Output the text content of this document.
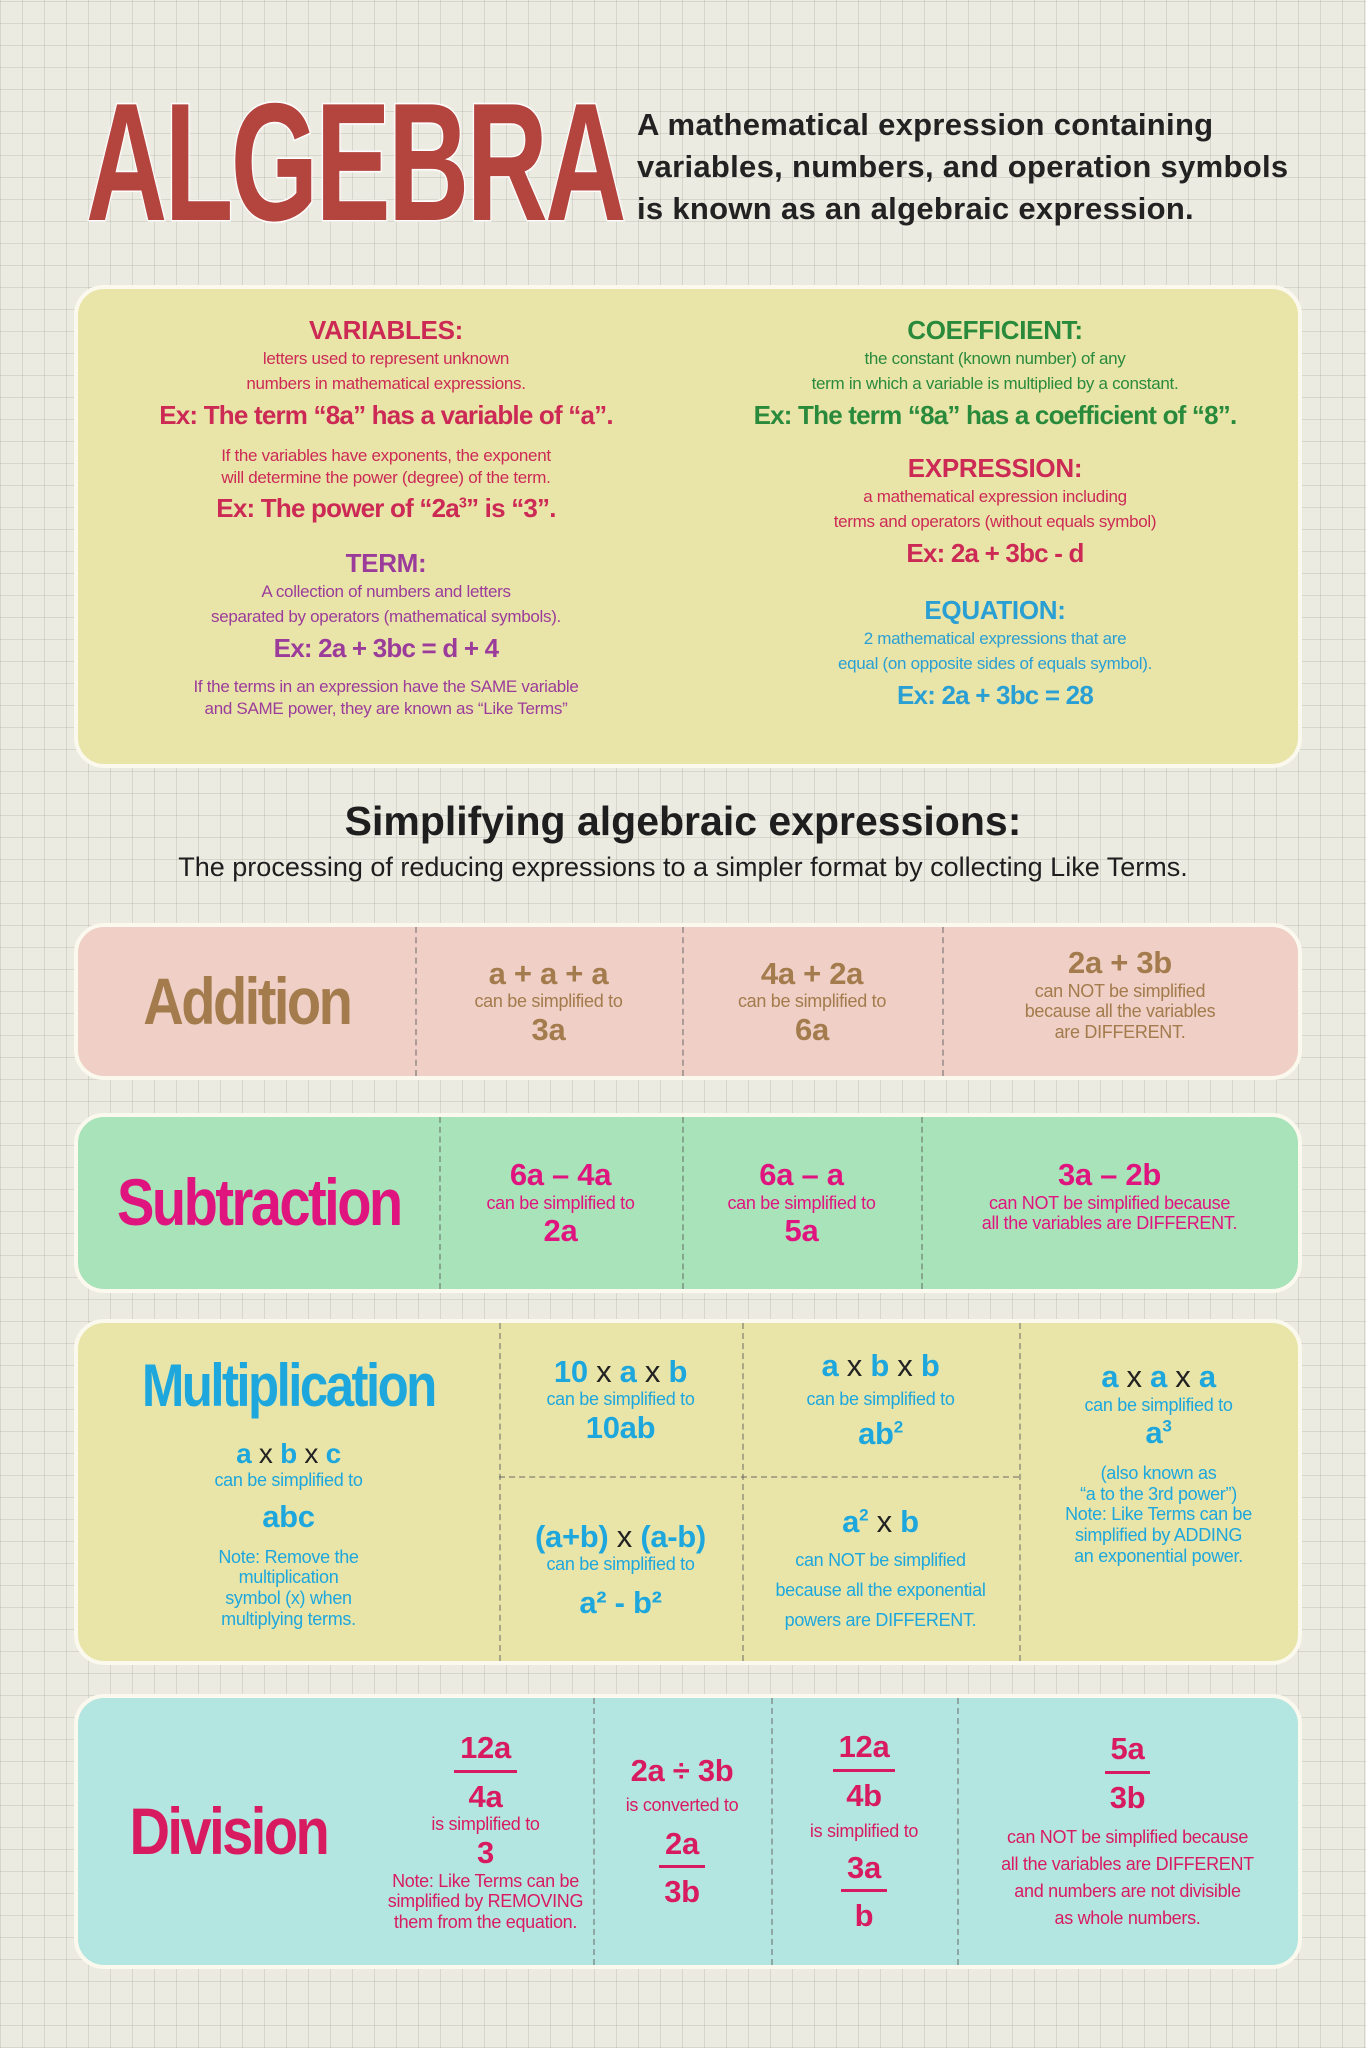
ALGEBRA A mathematical expression containing
variables, numbers, and operation symbols
is known as an algebraic expression.
VARIABLES:
letters used to represent unknown
numbers in mathematical expressions.
Ex: The term “8a” has a variable of “a”.
If the variables have exponents, the exponent
will determine the power (degree) of the term.
Ex: The power of “$2a^3$” is “3”.
TERM:
A collection of numbers and letters
separated by operators (mathematical symbols).
Ex: 2a + 3bc = d + 4
If the terms in an expression have the SAME variable
and SAME power, they are known as “Like Terms”
COEFFICIENT:
the constant (known number) of any
term in which a variable is multiplied by a constant.
Ex: The term “8a” has a coefficient of “8”.
EXPRESSION:
a mathematical expression including
terms and operators (without equals symbol)
Ex: 2a + 3bc - d
EQUATION:
2 mathematical expressions that are
equal (on opposite sides of equals symbol).
Ex: 2a + 3bc = 28
Simplifying algebraic expressions:
The processing of reducing expressions to a simpler format by collecting Like Terms.
Addition	a + a + a
can be simplified to
3a
4a + 2a
can be simplified to
6a
2a + 3b
can NOT be simplified
because all the variables
are DIFFERENT.
Subtraction	6a – 4a
can be simplified to
2a
6a – a
can be simplified to
5a
3a – 2b
can NOT be simplified because
all the variables are DIFFERENT.
Multiplication
a x b x c
can be simplified to
abc
Note: Remove the
multiplication
symbol (x) when
multiplying terms.
10 x a x b
can be simplified to
10ab
a x b x b
can be simplified to
$ab^2$
a x a x a
can be simplified to
$a^3$
(also known as
“a to the 3rd power”)
Note: Like Terms can be
simplified by ADDING
an exponential power.
(a+b) x (a-b)
can be simplified to
a² - b²
$a^2$ x b
can NOT be simplified
because all the exponential
powers are DIFFERENT.
Division
$\frac{12a}{4a}$
is simplified to
3
Note: Like Terms can be
simplified by REMOVING
them from the equation.
2a ÷ 3b
is converted to
$\frac{2a}{3b}$
$\frac{12a}{4b}$
is simplified to
$\frac{3a}{b}$
$\frac{5a}{3b}$
can NOT be simplified because
all the variables are DIFFERENT
and numbers are not divisible
as whole numbers.
